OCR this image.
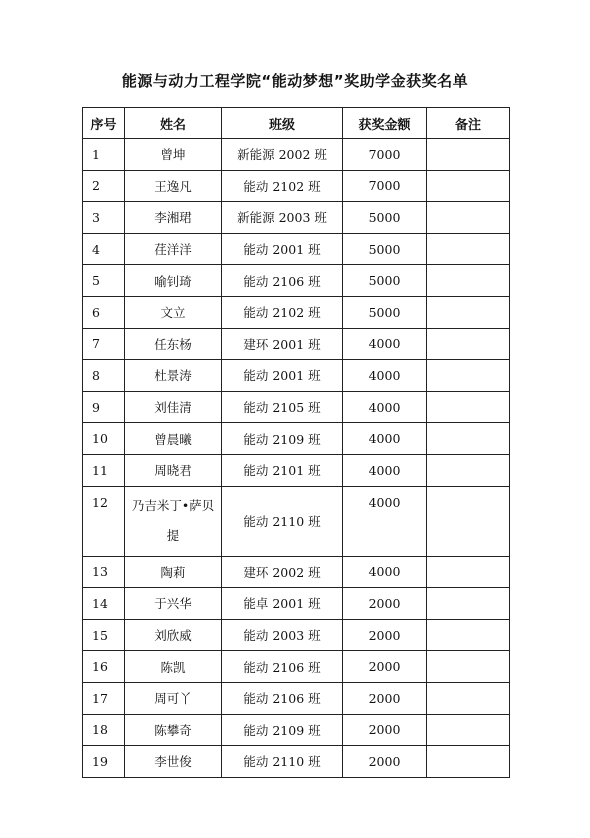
能源与动力工程学院“能动梦想”奖助学金获奖名单
序号	姓名	班级	获奖金额	备注
1	曾坤	新能源 2002 班	7000	
2	王逸凡	能动 2102 班	7000	
3	李湘珺	新能源 2003 班	5000	
4	荏洋洋	能动 2001 班	5000	
5	喻钊琦	能动 2106 班	5000	
6	文立	能动 2102 班	5000	
7	任东杨	建环 2001 班	4000	
8	杜景涛	能动 2001 班	4000	
9	刘佳清	能动 2105 班	4000	
10	曾晨曦	能动 2109 班	4000	
11	周晓君	能动 2101 班	4000	
12	乃吉米丁•萨贝提	能动 2110 班	4000	
13	陶莉	建环 2002 班	4000	
14	于兴华	能卓 2001 班	2000	
15	刘欣威	能动 2003 班	2000	
16	陈凯	能动 2106 班	2000	
17	周可丫	能动 2106 班	2000	
18	陈攀奇	能动 2109 班	2000	
19	李世俊	能动 2110 班	2000	
